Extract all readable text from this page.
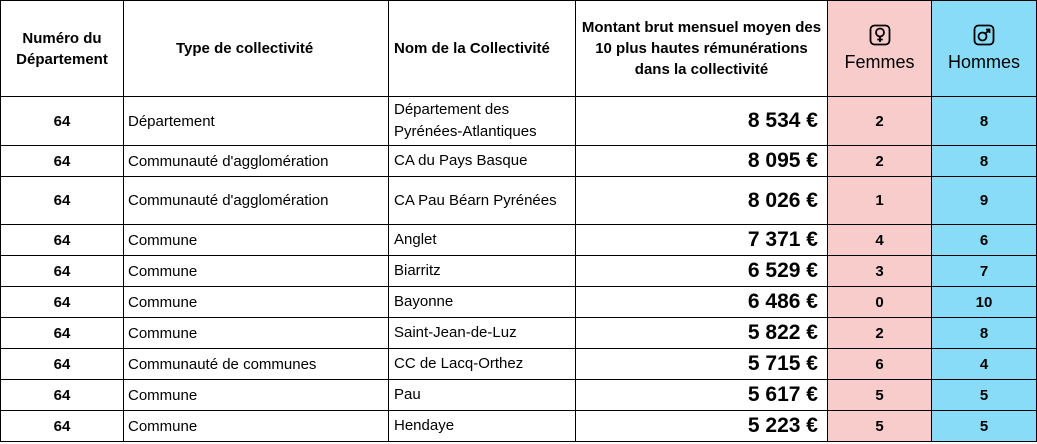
Numéro du Département	Type de collectivité	Nom de la Collectivité	Montant brut mensuel moyen des 10 plus hautes rémunérations dans la collectivité	Femmes	Hommes

64	Département	Département des Pyrénées-Atlantiques	8 534 €	2	8
64	Communauté d'agglomération	CA du Pays Basque	8 095 €	2	8
64	Communauté d'agglomération	CA Pau Béarn Pyrénées	8 026 €	1	9
64	Commune	Anglet	7 371 €	4	6
64	Commune	Biarritz	6 529 €	3	7
64	Commune	Bayonne	6 486 €	0	10
64	Commune	Saint-Jean-de-Luz	5 822 €	2	8
64	Communauté de communes	CC de Lacq-Orthez	5 715 €	6	4
64	Commune	Pau	5 617 €	5	5
64	Commune	Hendaye	5 223 €	5	5
